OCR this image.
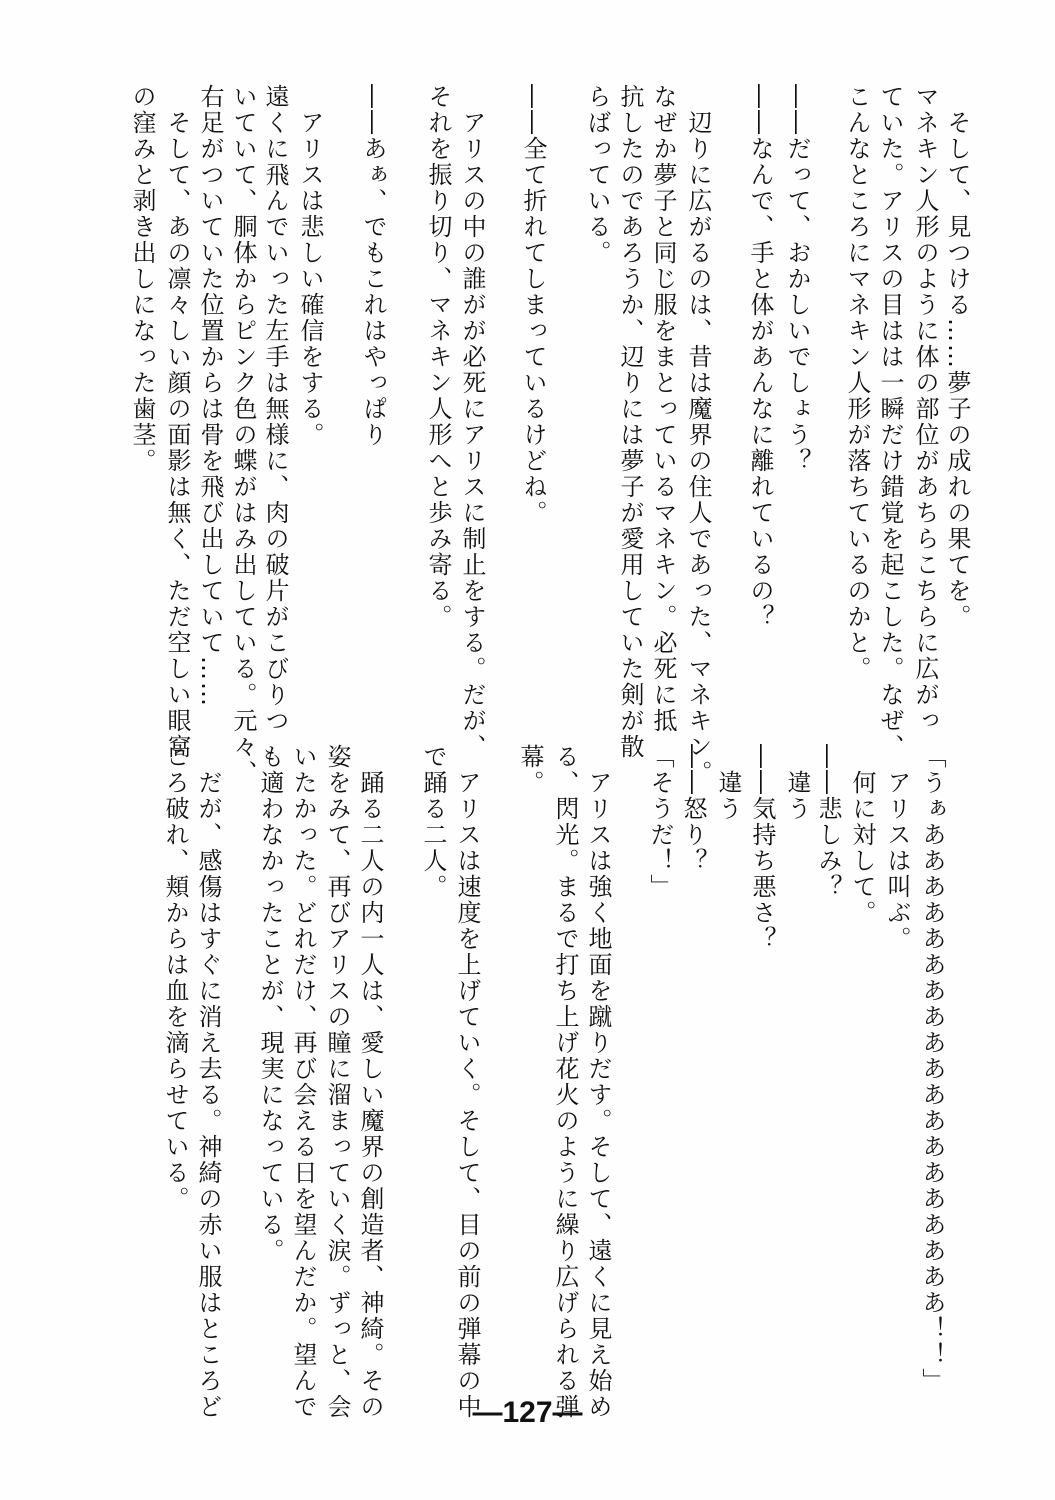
そして、見つける……夢子の成れの果てを。
マネキン人形のように体の部位があちらこちらに広がっ
ていた。アリスの目はは一瞬だけ錯覚を起こした。なぜ、
こんなところにマネキン人形が落ちているのかと。
――だって、おかしいでしょう？
――なんで、手と体があんなに離れているの？
辺りに広がるのは、昔は魔界の住人であった、マネキン。
なぜか夢子と同じ服をまとっているマネキン。必死に抵
抗したのであろうか、辺りには夢子が愛用していた剣が散
らばっている。
――全て折れてしまっているけどね。
アリスの中の誰がが必死にアリスに制止をする。だが、
それを振り切り、マネキン人形へと歩み寄る。
――あぁ、でもこれはやっぱり
アリスは悲しい確信をする。
遠くに飛んでいった左手は無様に、肉の破片がこびりつ
いていて、胴体からピンク色の蝶がはみ出している。元々、
右足がついていた位置からは骨を飛び出していて……
そして、あの凛々しい顔の面影は無く、ただ空しい眼窩
の窪みと剥き出しになった歯茎。
「うぁあああああああああああああああああああ！！」
アリスは叫ぶ。
何に対して。
――悲しみ？
違う
――気持ち悪さ？
違う
――怒り？
「そうだ！」
アリスは強く地面を蹴りだす。そして、遠くに見え始め
る、閃光。まるで打ち上げ花火のように繰り広げられる弾
幕。
アリスは速度を上げていく。そして、目の前の弾幕の中
で踊る二人。
踊る二人の内一人は、愛しい魔界の創造者、神綺。その
姿をみて、再びアリスの瞳に溜まっていく涙。ずっと、会
いたかった。どれだけ、再び会える日を望んだか。望んで
も適わなかったことが、現実になっている。
だが、感傷はすぐに消え去る。神綺の赤い服はところど
ころ破れ、頬からは血を滴らせている。
―127―
